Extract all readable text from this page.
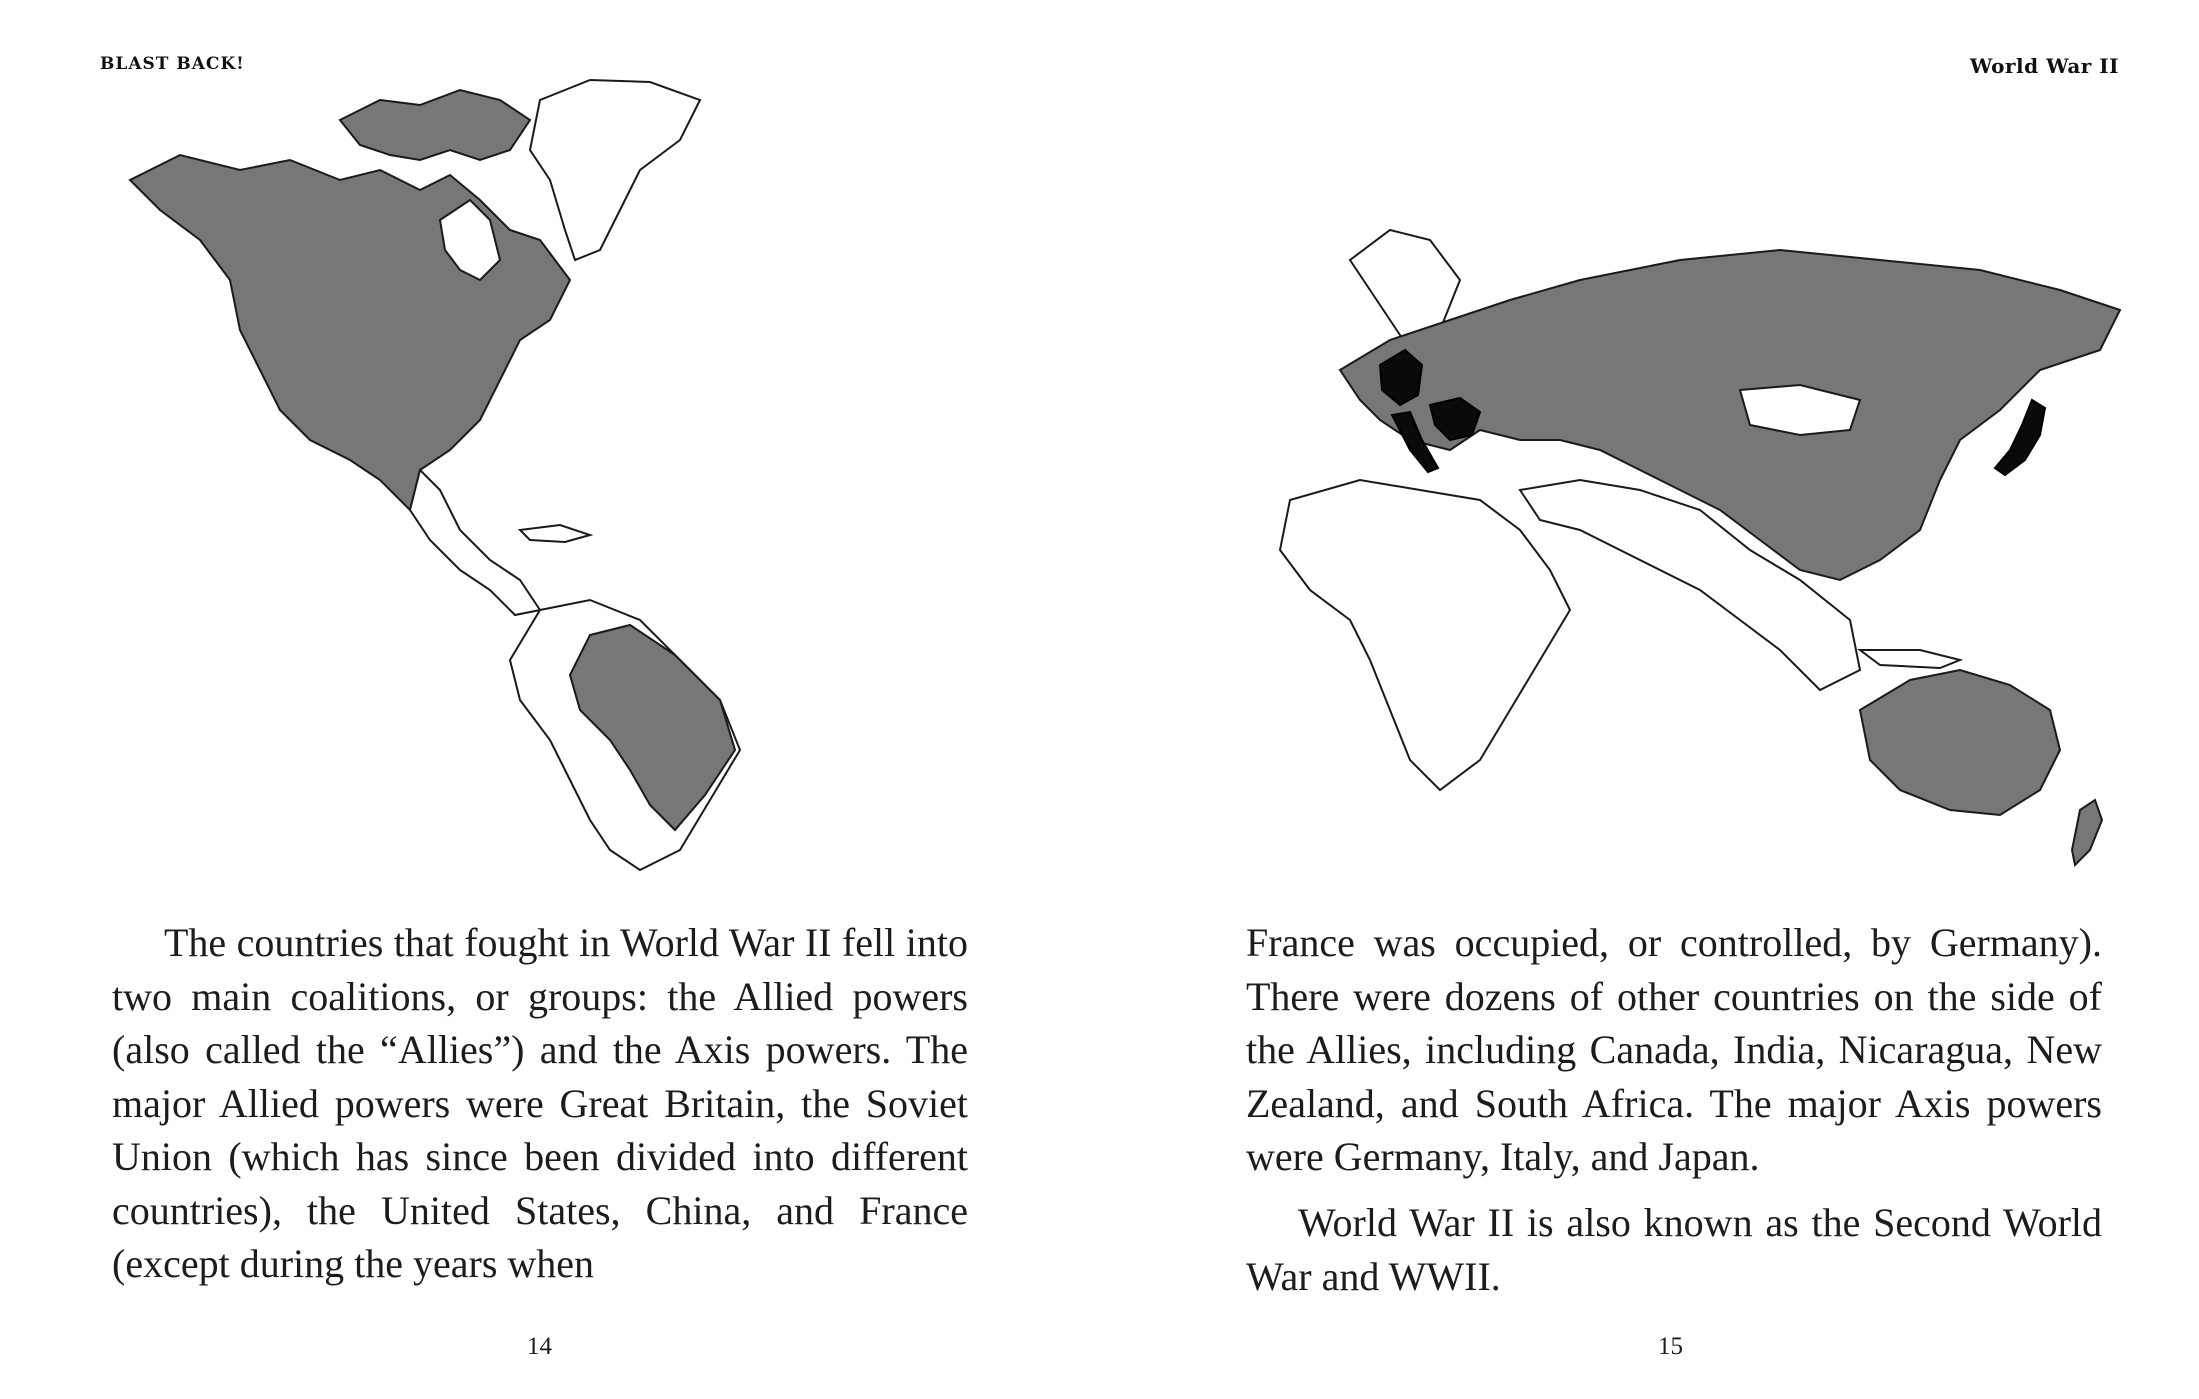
BLAST BACK!

The countries that fought in World War II fell into two main coalitions, or groups: the Allied powers (also called the “Allies”) and the Axis powers. The major Allied powers were Great Britain, the Soviet Union (which has since been divided into different countries), the United States, China, and France (except during the years when

14
World War II

France was occupied, or controlled, by Germany). There were dozens of other countries on the side of the Allies, including Canada, India, Nicaragua, New Zealand, and South Africa. The major Axis powers were Germany, Italy, and Japan.

World War II is also known as the Second World War and WWII.

15
